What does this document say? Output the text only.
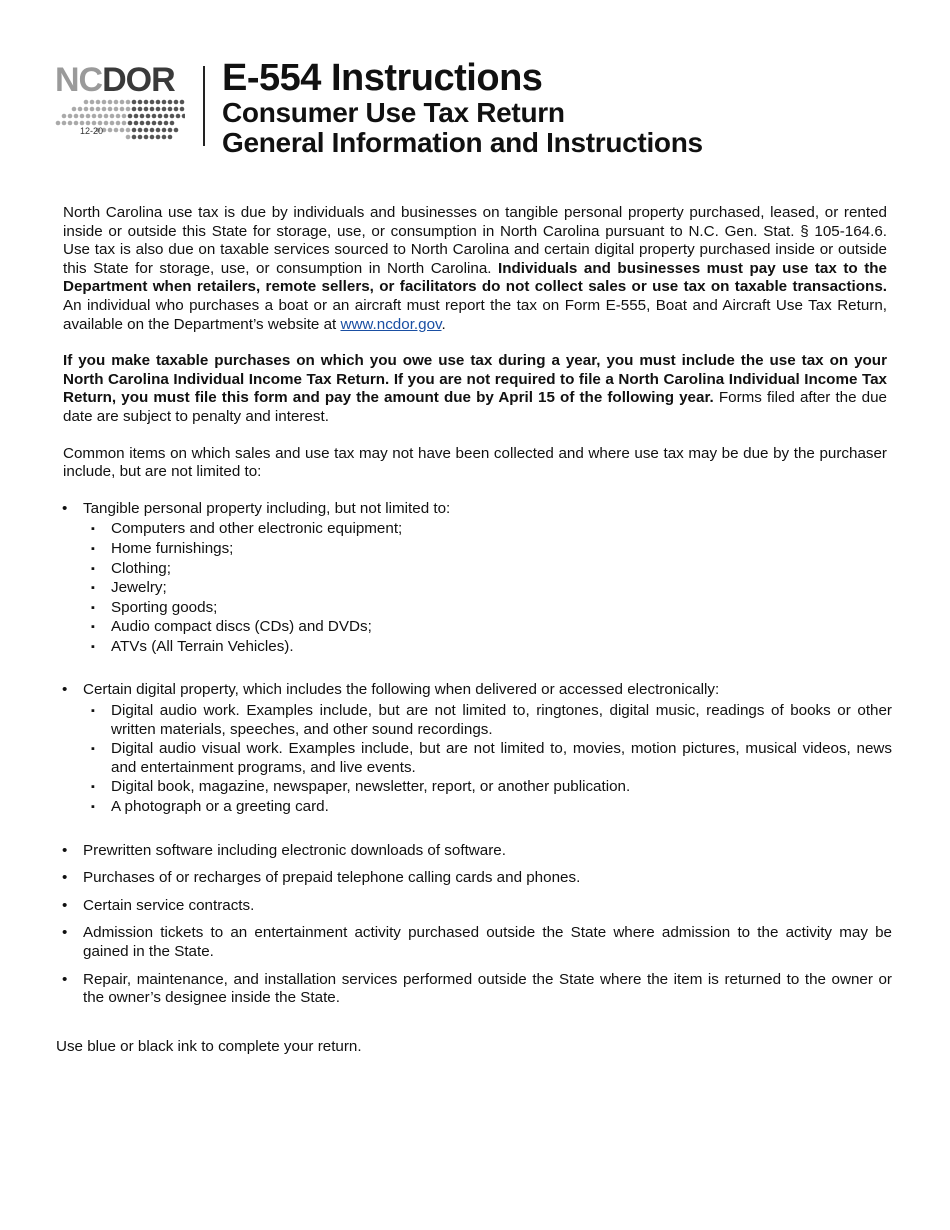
NCDOR
12-20

E-554 Instructions

Consumer Use Tax Return

General Information and Instructions

North Carolina use tax is due by individuals and businesses on tangible personal property purchased, leased, or rented inside or outside this State for storage, use, or consumption in North Carolina pursuant to N.C. Gen. Stat. § 105-164.6. Use tax is also due on taxable services sourced to North Carolina and certain digital property purchased inside or outside this State for storage, use, or consumption in North Carolina. Individuals and businesses must pay use tax to the Department when retailers, remote sellers, or facilitators do not collect sales or use tax on taxable transactions. An individual who purchases a boat or an aircraft must report the tax on Form E-555, Boat and Aircraft Use Tax Return, available on the Department’s website at www.ncdor.gov.

If you make taxable purchases on which you owe use tax during a year, you must include the use tax on your North Carolina Individual Income Tax Return. If you are not required to file a North Carolina Individual Income Tax Return, you must file this form and pay the amount due by April 15 of the following year. Forms filed after the due date are subject to penalty and interest.

Common items on which sales and use tax may not have been collected and where use tax may be due by the purchaser include, but are not limited to:

• Tangible personal property including, but not limited to:
▪ Computers and other electronic equipment;
▪ Home furnishings;
▪ Clothing;
▪ Jewelry;
▪ Sporting goods;
▪ Audio compact discs (CDs) and DVDs;
▪ ATVs (All Terrain Vehicles).
• Certain digital property, which includes the following when delivered or accessed electronically:
▪ Digital audio work. Examples include, but are not limited to, ringtones, digital music, readings of books or other written materials, speeches, and other sound recordings.
▪ Digital audio visual work. Examples include, but are not limited to, movies, motion pictures, musical videos, news and entertainment programs, and live events.
▪ Digital book, magazine, newspaper, newsletter, report, or another publication.
▪ A photograph or a greeting card.
• Prewritten software including electronic downloads of software.
• Purchases of or recharges of prepaid telephone calling cards and phones.
• Certain service contracts.
• Admission tickets to an entertainment activity purchased outside the State where admission to the activity may be gained in the State.
• Repair, maintenance, and installation services performed outside the State where the item is returned to the owner or the owner’s designee inside the State.
Use blue or black ink to complete your return.
